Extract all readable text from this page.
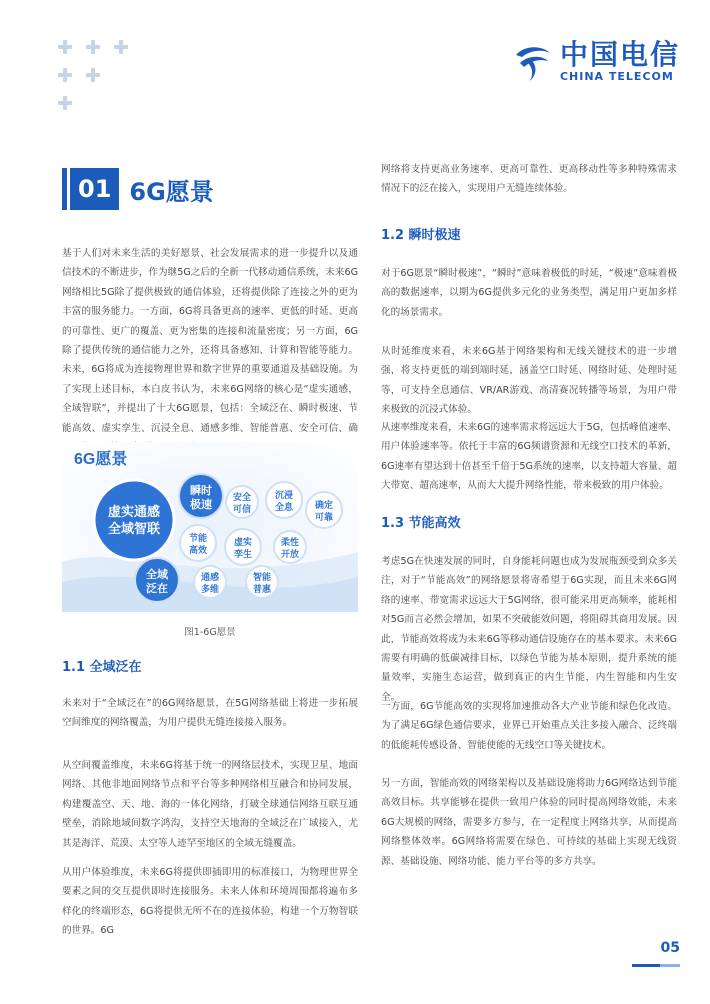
中国电信
CHINA TELECOM
01 6G愿景

基于人们对未来生活的美好愿景、社会发展需求的进一步提升以及通信技术的不断进步，作为继5G之后的全新一代移动通信系统，未来6G网络相比5G除了提供极致的通信体验，还将提供除了连接之外的更为丰富的服务能力。一方面，6G将具备更高的速率、更低的时延、更高的可靠性、更广的覆盖、更为密集的连接和流量密度；另一方面，6G除了提供传统的通信能力之外，还将具备感知、计算和智能等能力。未来，6G将成为连接物理世界和数字世界的重要通道及基础设施。为了实现上述目标，本白皮书认为，未来6G网络的核心是“虚实通感，全域智联”，并提出了十大6G愿景，包括：全域泛在、瞬时极速、节能高效、虚实孪生、沉浸全息、通感多维、智能普惠、安全可信、确

6G愿景
虚实通感
全域智联
瞬时
极速 安全
可信
沉浸
全息 确定
可靠
节能
高效
虚实
孪生
柔性
开放
全域
泛在
通感
多维
智能
普惠
图1-6G愿景
1.1 全域泛在

未来对于“全域泛在”的6G网络愿景，在5G网络基础上将进一步拓展空间维度的网络覆盖，为用户提供无缝连接接入服务。

从空间覆盖维度，未来6G将基于统一的网络层技术，实现卫星、地面网络、其他非地面网络节点和平台等多种网络相互融合和协同发展，构建覆盖空、天、地、海的一体化网络，打破全球通信网络互联互通壁垒，消除地域间数字鸿沟，支持空天地海的全域泛在广域接入，尤其是海洋、荒漠、太空等人迹罕至地区的全域无缝覆盖。

从用户体验维度，未来6G将提供即插即用的标准接口，为物理世界全要素之间的交互提供即时连接服务。未来人体和环境周围都将遍布多样化的终端形态，6G将提供无所不在的连接体验，构建一个万物智联的世界。6G

网络将支持更高业务速率、更高可靠性、更高移动性等多种特殊需求情况下的泛在接入，实现用户无缝连续体验。

1.2 瞬时极速

对于6G愿景“瞬时极速”，“瞬时”意味着极低的时延，“极速”意味着极高的数据速率，以期为6G提供多元化的业务类型，满足用户更加多样化的场景需求。

从时延维度来看，未来6G基于网络架构和无线关键技术的进一步增强，将支持更低的端到端时延，涵盖空口时延、网络时延、处理时延等，可支持全息通信、VR/AR游戏、高清赛况转播等场景，为用户带来极致的沉浸式体验。

从速率维度来看，未来6G的速率需求将远远大于5G，包括峰值速率、用户体验速率等。依托于丰富的6G频谱资源和无线空口技术的革新，6G速率有望达到十倍甚至千倍于5G系统的速率，以支持超大容量、超大带宽、超高速率，从而大大提升网络性能，带来极致的用户体验。

1.3 节能高效

考虑5G在快速发展的同时，自身能耗问题也成为发展瓶颈受到众多关注，对于“节能高效”的网络愿景将寄希望于6G实现，而且未来6G网络的速率、带宽需求远远大于5G网络，很可能采用更高频率，能耗相对5G而言必然会增加，如果不突破能效问题，将阻碍其商用发展。因此，节能高效将成为未来6G等移动通信设施存在的基本要求。未来6G需要有明确的低碳减排目标，以绿色节能为基本原则，提升系统的能量效率，实施生态运营，做到真正的内生节能，内生智能和内生安全。

一方面，6G节能高效的实现将加速推动各大产业节能和绿色化改造。为了满足6G绿色通信要求，业界已开始重点关注多接入融合、泛终端的低能耗传感设备、智能使能的无线空口等关键技术。

另一方面，智能高效的网络架构以及基础设施将助力6G网络达到节能高效目标。共享能够在提供一致用户体验的同时提高网络效能，未来6G大规模的网络，需要多方参与，在一定程度上网络共享，从而提高网络整体效率。6G网络将需要在绿色、可持续的基础上实现无线资源、基础设施、网络功能、能力平台等的多方共享。

05
